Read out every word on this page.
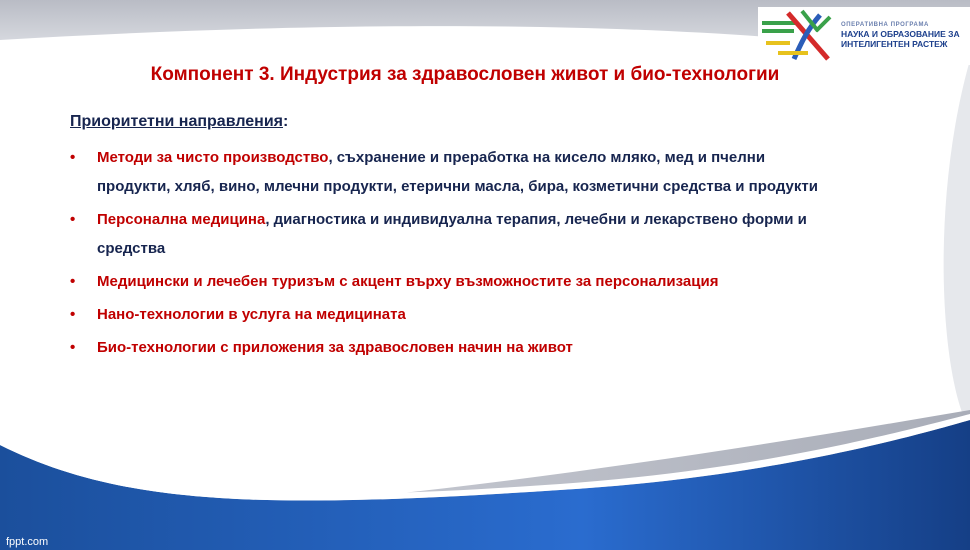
ОПЕРАТИВНА ПРОГРАМА
НАУКА И ОБРАЗОВАНИЕ ЗА
ИНТЕЛИГЕНТЕН РАСТЕЖ
Компонент 3. Индустрия за здравословен живот и био-технологии
Приоритетни направления:
• Методи за чисто производство, съхранение и преработка на кисело мляко, мед и пчелни продукти, хляб, вино, млечни продукти, етерични масла, бира, козметични средства и продукти
• Персонална медицина, диагностика и индивидуална терапия, лечебни и лекарствено форми и средства
• Медицински и лечебен туризъм с акцент върху възможностите за персонализация
• Нано-технологии в услуга на медицината
• Био-технологии с приложения за здравословен начин на живот
fppt.com
